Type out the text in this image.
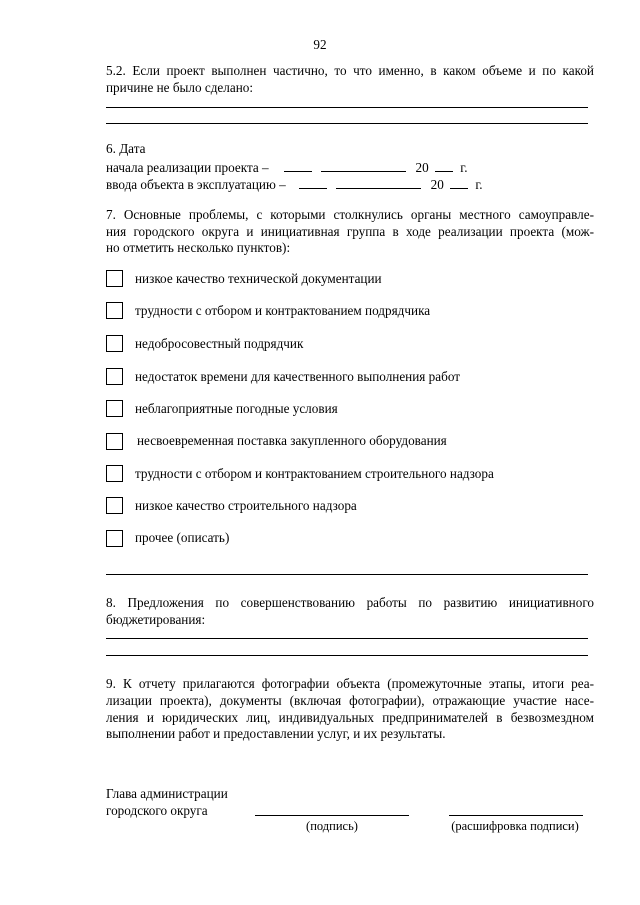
92
5.2. Если проект выполнен частично, то что именно, в каком объеме и по какой
причине не было сделано:
6. Дата
начала реализации проекта –	20 г.
ввода объекта в эксплуатацию –	20 г.
7. Основные проблемы, с которыми столкнулись органы местного самоуправле-
ния городского округа и инициативная группа в ходе реализации проекта (мож-
но отметить несколько пунктов):
низкое качество технической документации
трудности с отбором и контрактованием подрядчика
недобросовестный подрядчик
недостаток времени для качественного выполнения работ
неблагоприятные погодные условия
несвоевременная поставка закупленного оборудования
трудности с отбором и контрактованием строительного надзора
низкое качество строительного надзора
прочее (описать)
8. Предложения по совершенствованию работы по развитию инициативного
бюджетирования:
9. К отчету прилагаются фотографии объекта (промежуточные этапы, итоги реа-
лизации проекта), документы (включая фотографии), отражающие участие насе-
ления и юридических лиц, индивидуальных предпринимателей в безвозмездном
выполнении работ и предоставлении услуг, и их результаты.
Глава администрации
городского округа
(подпись)	(расшифровка подписи)
